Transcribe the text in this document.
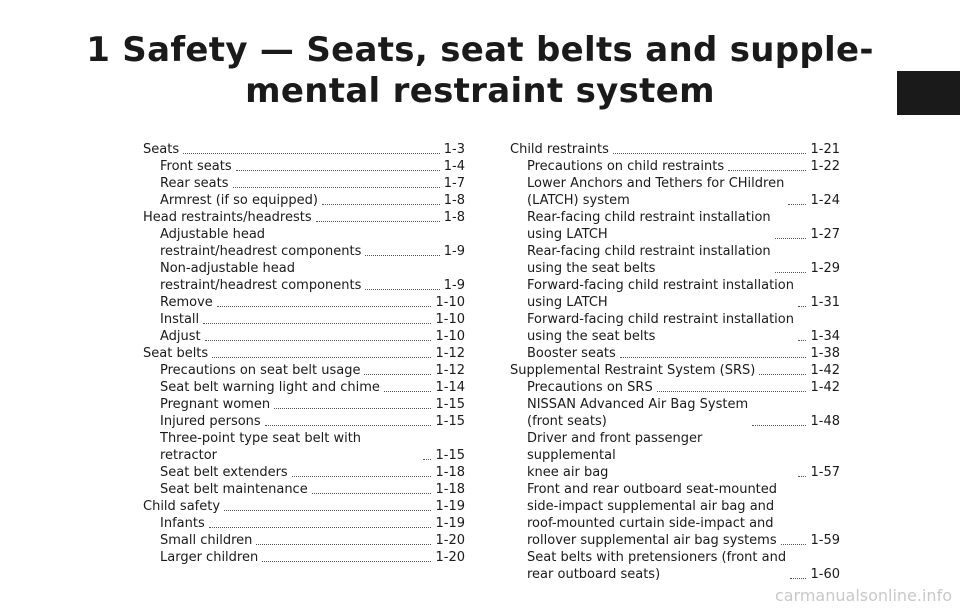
1 Safety — Seats, seat belts and supple-
mental restraint system
Seats	1-3
Front seats	1-4
Rear seats	1-7
Armrest (if so equipped)	1-8
Head restraints/headrests	1-8
Adjustable head
restraint/headrest components	1-9
Non-adjustable head
restraint/headrest components	1-9
Remove	1-10
Install	1-10
Adjust	1-10
Seat belts	1-12
Precautions on seat belt usage	1-12
Seat belt warning light and chime	1-14
Pregnant women	1-15
Injured persons	1-15
Three-point type seat belt with retractor	1-15
Seat belt extenders	1-18
Seat belt maintenance	1-18
Child safety	1-19
Infants	1-19
Small children	1-20
Larger children	1-20
Child restraints	1-21
Precautions on child restraints	1-22
Lower Anchors and Tethers for CHildren
(LATCH) system	1-24
Rear-facing child restraint installation
using LATCH	1-27
Rear-facing child restraint installation
using the seat belts	1-29
Forward-facing child restraint installation
using LATCH	1-31
Forward-facing child restraint installation
using the seat belts	1-34
Booster seats	1-38
Supplemental Restraint System (SRS)	1-42
Precautions on SRS	1-42
NISSAN Advanced Air Bag System
(front seats)	1-48
Driver and front passenger supplemental
knee air bag	1-57
Front and rear outboard seat-mounted
side-impact supplemental air bag and
roof-mounted curtain side-impact and
rollover supplemental air bag systems	1-59
Seat belts with pretensioners (front and
rear outboard seats)	1-60
carmanualsonline.info
